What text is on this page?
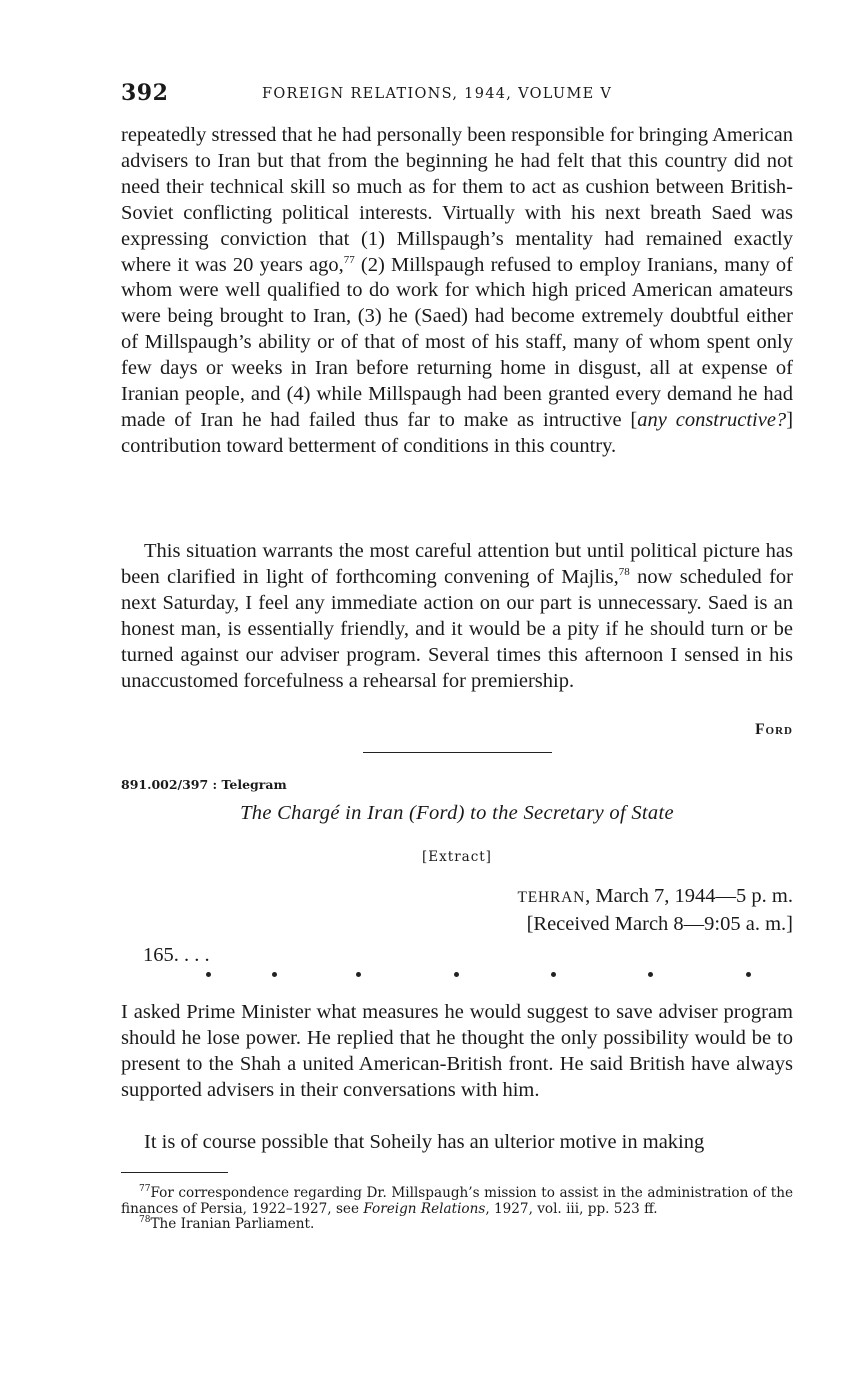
392	FOREIGN RELATIONS, 1944, VOLUME V

repeatedly stressed that he had personally been responsible for bringing American advisers to Iran but that from the beginning he had felt that this country did not need their technical skill so much as for them to act as cushion between British-Soviet conflicting political interests. Virtually with his next breath Saed was expressing conviction that (1) Millspaugh’s mentality had remained exactly where it was 20 years ago,$^{77}$ (2) Millspaugh refused to employ Iranians, many of whom were well qualified to do work for which high priced American amateurs were being brought to Iran, (3) he (Saed) had become extremely doubtful either of Millspaugh’s ability or of that of most of his staff, many of whom spent only few days or weeks in Iran before returning home in disgust, all at expense of Iranian people, and (4) while Millspaugh had been granted every demand he had made of Iran he had failed thus far to make as intructive [any constructive?] contribution toward betterment of conditions in this country.

This situation warrants the most careful attention but until political picture has been clarified in light of forthcoming convening of Majlis,$^{78}$ now scheduled for next Saturday, I feel any immediate action on our part is unnecessary. Saed is an honest man, is essentially friendly, and it would be a pity if he should turn or be turned against our adviser program. Several times this afternoon I sensed in his unaccustomed forcefulness a rehearsal for premiership.

Ford
891.002/397 : Telegram
The Chargé in Iran (Ford) to the Secretary of State
[Extract]
TEHRAN, March 7, 1944—5 p. m.
[Received March 8—9:05 a. m.]
165. . . .

I asked Prime Minister what measures he would suggest to save adviser program should he lose power. He replied that he thought the only possibility would be to present to the Shah a united American-British front. He said British have always supported advisers in their conversations with him.

It is of course possible that Soheily has an ulterior motive in making

$^{77}$For correspondence regarding Dr. Millspaugh’s mission to assist in the administration of the finances of Persia, 1922–1927, see Foreign Relations, 1927, vol. iii, pp. 523 ff.

$^{78}$The Iranian Parliament.
